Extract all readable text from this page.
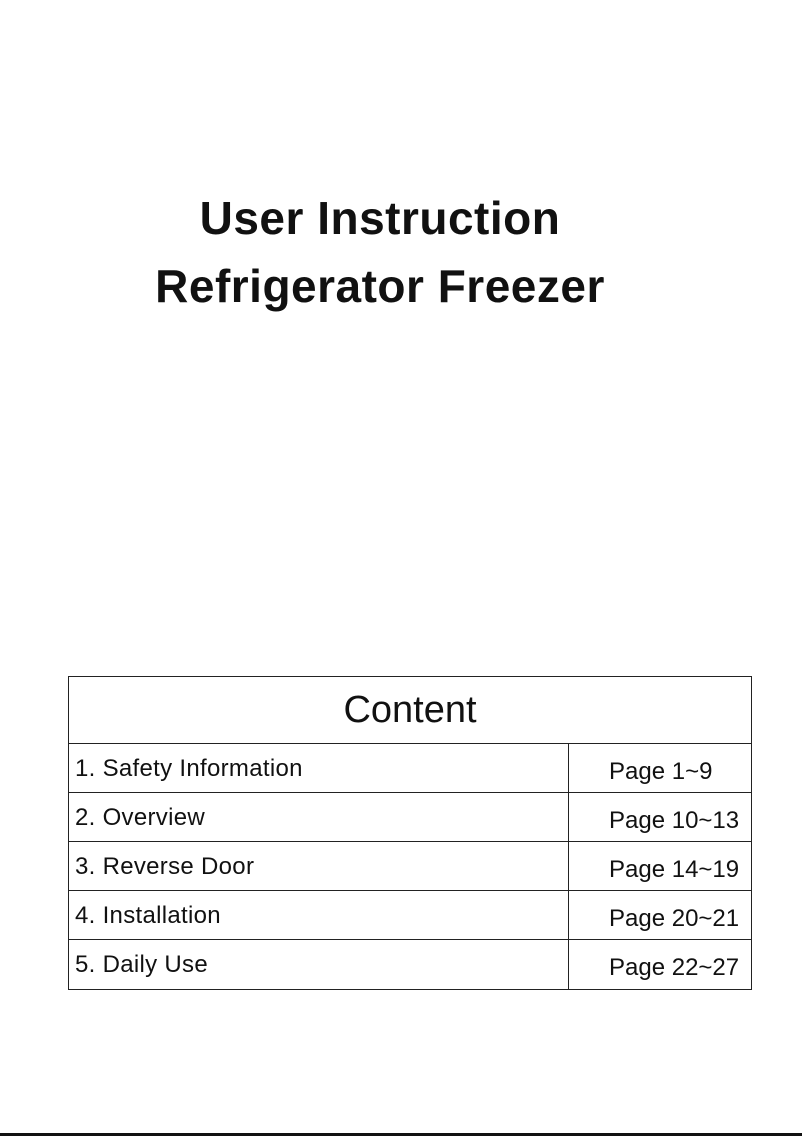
User Instruction
Refrigerator Freezer
Content
1. Safety Information	Page 1~9
2. Overview	Page 10~13
3. Reverse Door	Page 14~19
4. Installation	Page 20~21
5. Daily Use	Page 22~27
